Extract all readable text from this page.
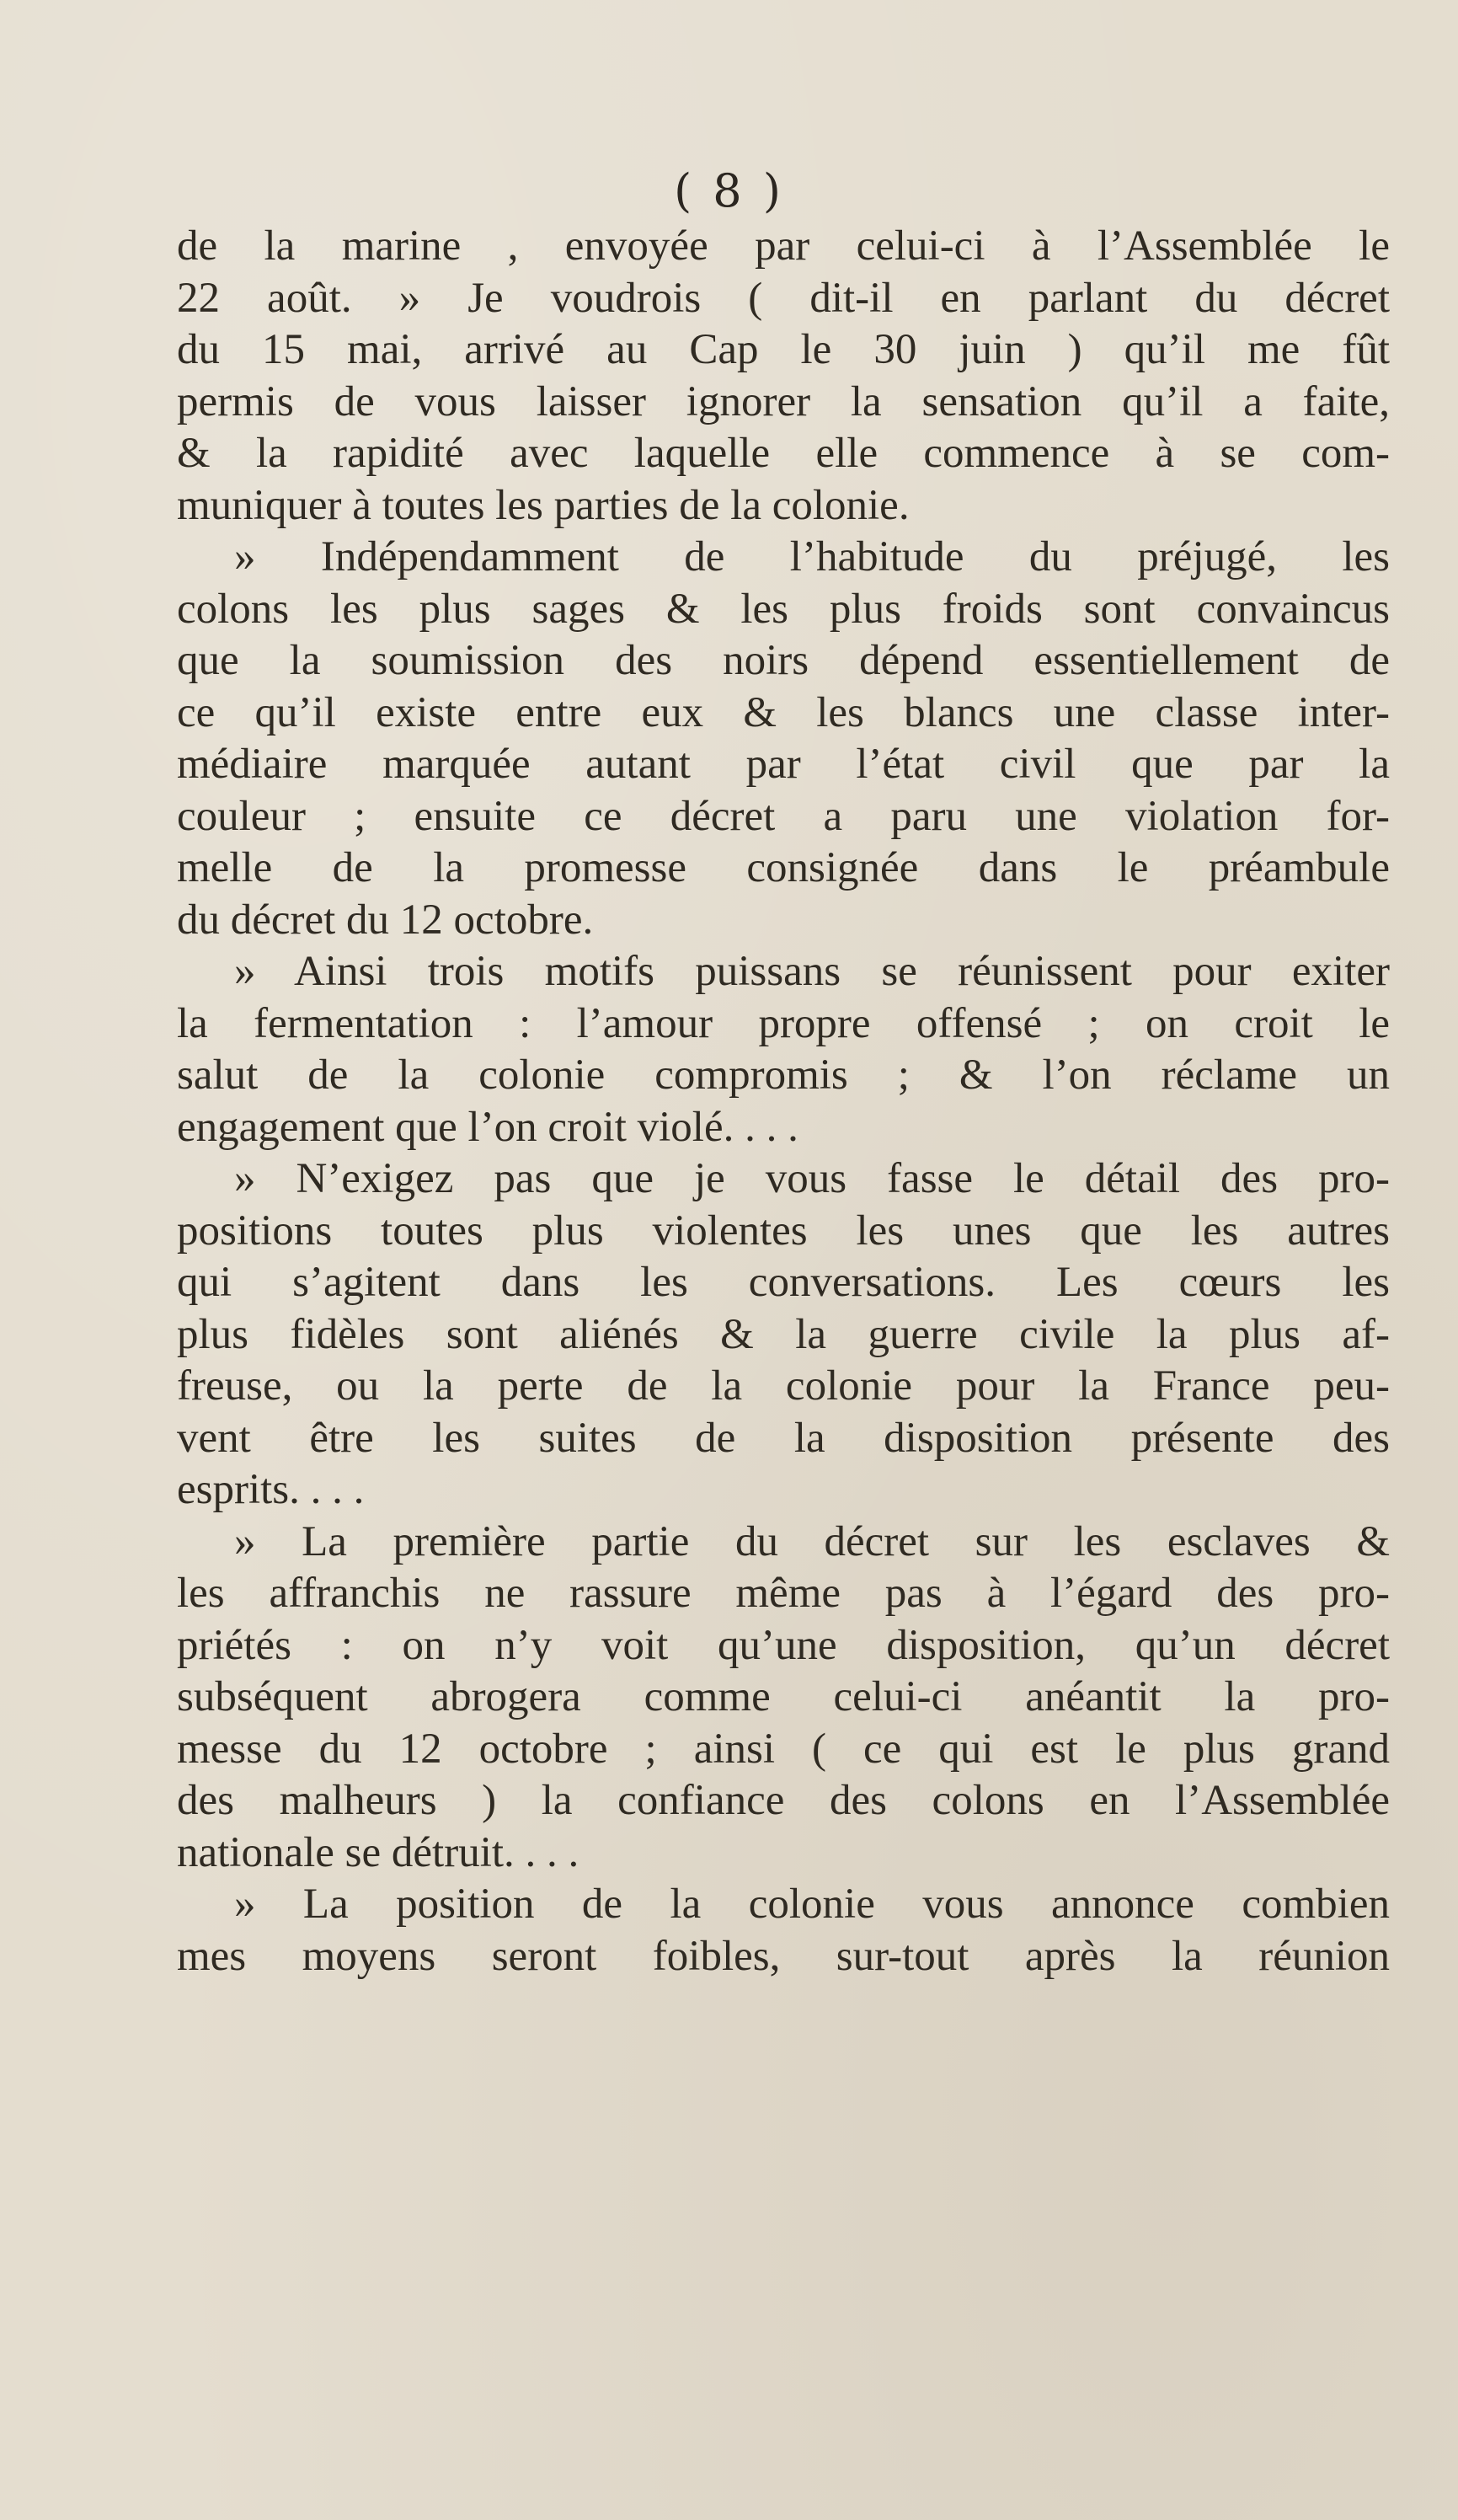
( 8 )
de la marine , envoyée par celui-ci à l’Assemblée le
22 août. » Je voudrois ( dit-il en parlant du décret
du 15 mai, arrivé au Cap le 30 juin ) qu’il me fût
permis de vous laisser ignorer la sensation qu’il a faite,
& la rapidité avec laquelle elle commence à se com-
muniquer à toutes les parties de la colonie.
» Indépendamment de l’habitude du préjugé, les
colons les plus sages & les plus froids sont convaincus
que la soumission des noirs dépend essentiellement de
ce qu’il existe entre eux & les blancs une classe inter-
médiaire marquée autant par l’état civil que par la
couleur ; ensuite ce décret a paru une violation for-
melle de la promesse consignée dans le préambule
du décret du 12 octobre.
» Ainsi trois motifs puissans se réunissent pour exiter
la fermentation : l’amour propre offensé ; on croit le
salut de la colonie compromis ; & l’on réclame un
engagement que l’on croit violé. . . .
» N’exigez pas que je vous fasse le détail des pro-
positions toutes plus violentes les unes que les autres
qui s’agitent dans les conversations. Les cœurs les
plus fidèles sont aliénés & la guerre civile la plus af-
freuse, ou la perte de la colonie pour la France peu-
vent être les suites de la disposition présente des
esprits. . . .
» La première partie du décret sur les esclaves &
les affranchis ne rassure même pas à l’égard des pro-
priétés : on n’y voit qu’une disposition, qu’un décret
subséquent abrogera comme celui-ci anéantit la pro-
messe du 12 octobre ; ainsi ( ce qui est le plus grand
des malheurs ) la confiance des colons en l’Assemblée
nationale se détruit. . . .
» La position de la colonie vous annonce combien
mes moyens seront foibles, sur-tout après la réunion
